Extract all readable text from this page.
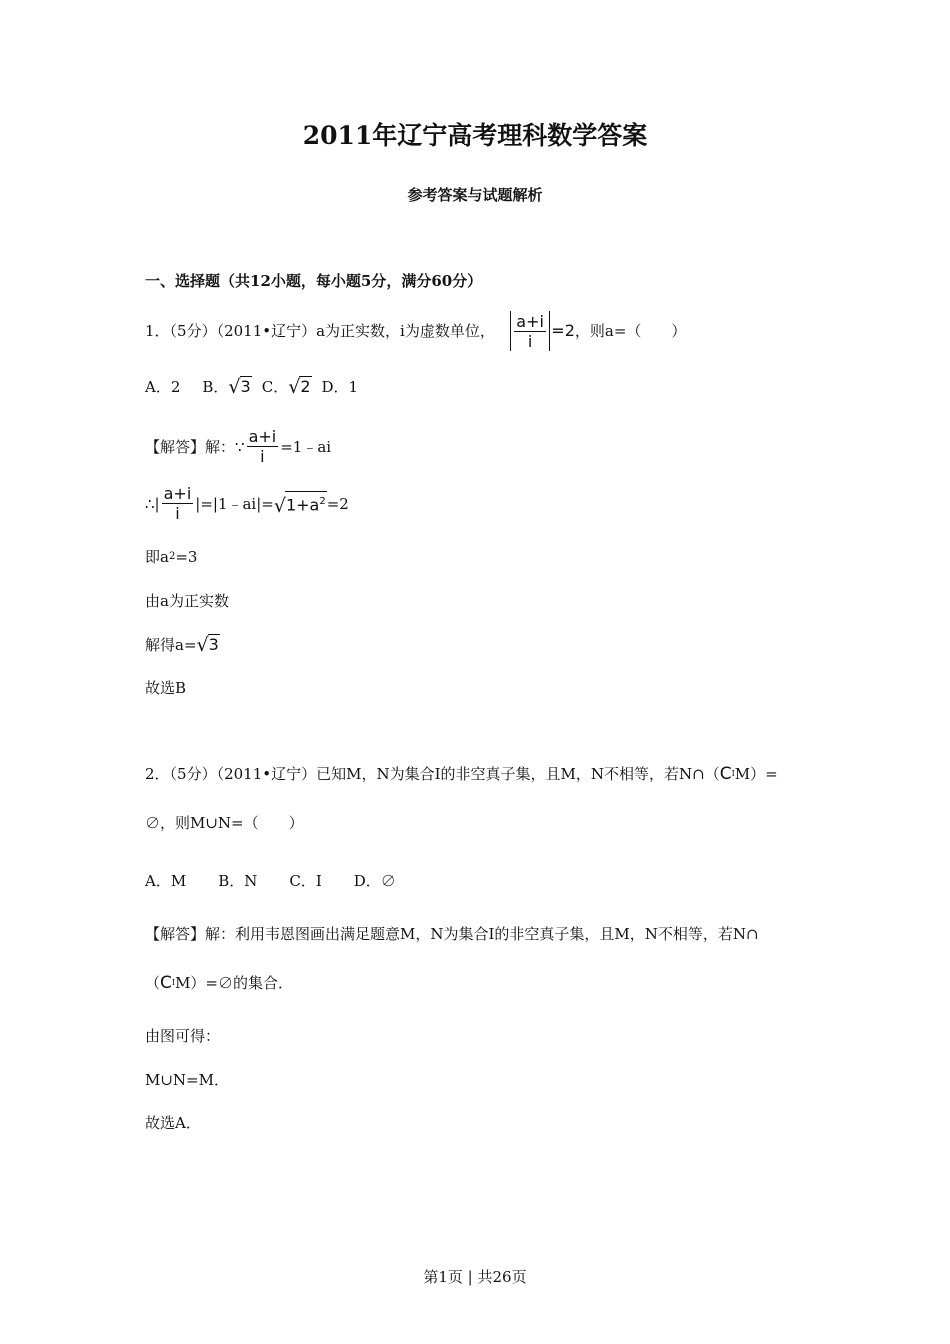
2011年辽宁高考理科数学答案
参考答案与试题解析
一、选择题（共12小题，每小题5分，满分60分）
1．（5分）（2011•辽宁）a为正实数，i为虚数单位， $\frac{a+i}{i} =2$ ，则a=（　　）
A．2 B． √ 3 C． √ 2 D．1
【解答】 解： ∵ $\frac{a+i}{i}$ =1﹣ai
∴| $\frac{a+i}{i}$ |=|1﹣ai|= √ $1+a^2 =2$
即a 2 =3
由a为正实数
解得a= √ 3
故选B
2．（5分）（2011•辽宁）已知M，N为集合I的非空真子集，且M，N不相等，若N∩（ C I M）=
∅，则M∪N=（　　）
A．M B．N C．I D．∅
【解答】 解：利用韦恩图画出满足题意M，N为集合I的非空真子集，且M，N不相等，若N∩
（ C I M）=∅的集合．
由图可得：
M∪N=M．
故选A．
第1页 | 共26页
